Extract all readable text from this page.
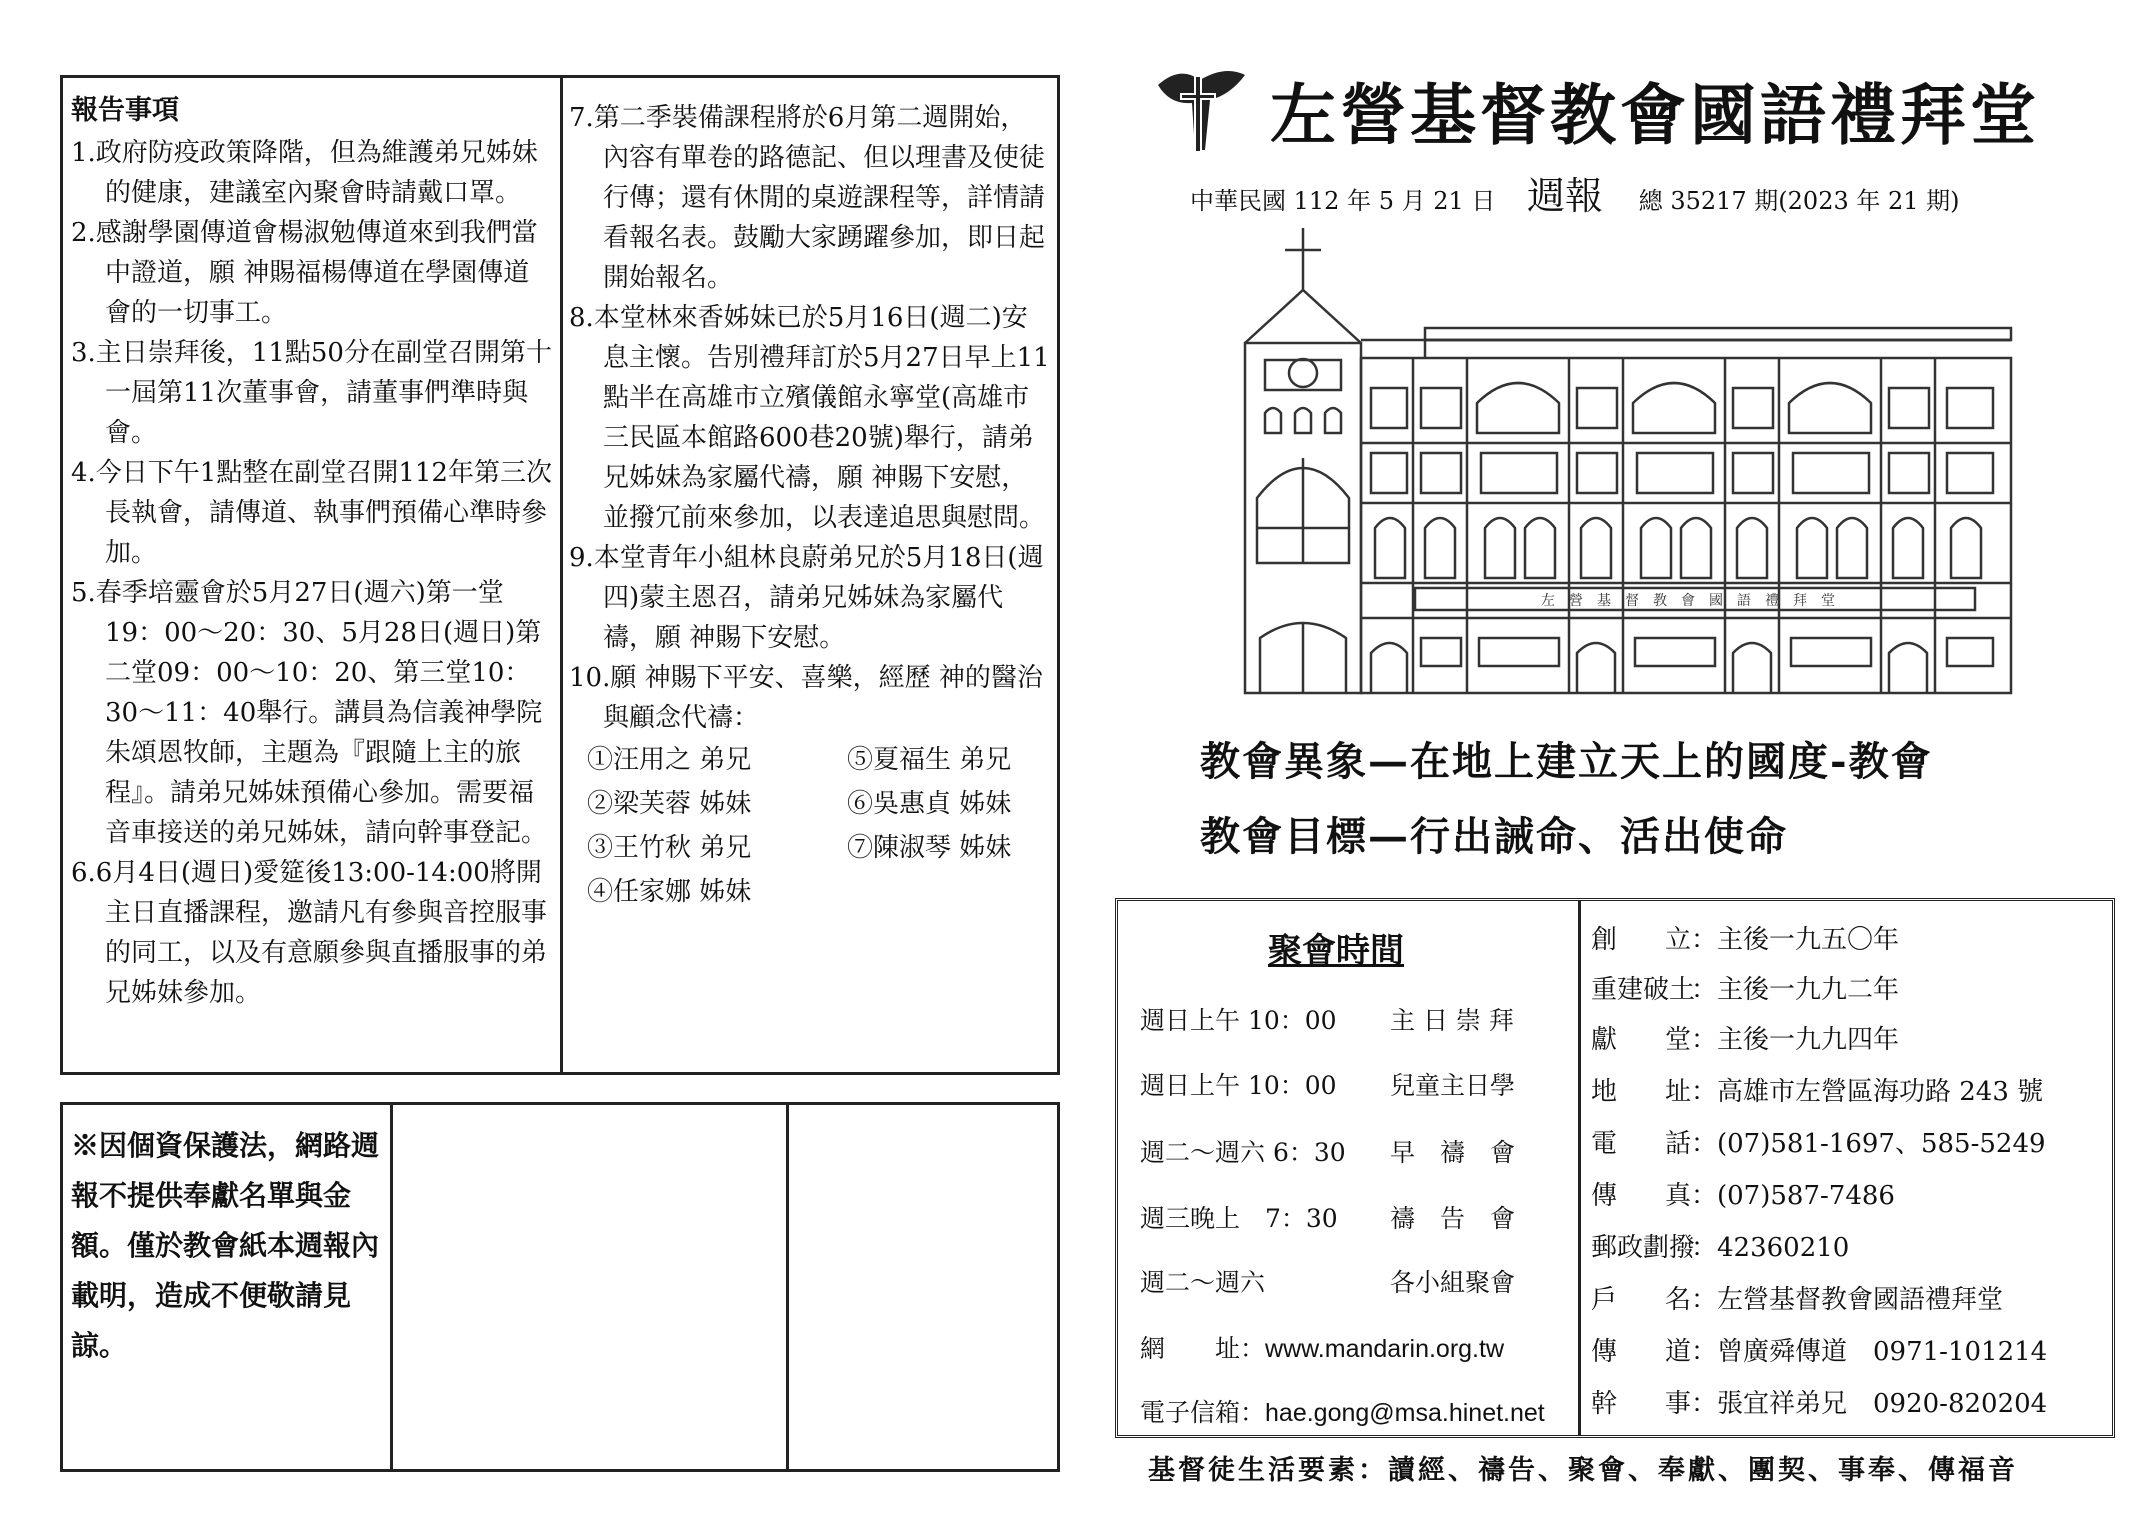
報告事項

1.政府防疫政策降階，但為維護弟兄姊妹的健康，建議室內聚會時請戴口罩。

2.感謝學園傳道會楊淑勉傳道來到我們當中證道，願 神賜福楊傳道在學園傳道會的一切事工。

3.主日崇拜後，11點50分在副堂召開第十一屆第11次董事會，請董事們準時與會。

4.今日下午1點整在副堂召開112年第三次長執會，請傳道、執事們預備心準時參加。

5.春季培靈會於5月27日(週六)第一堂19：00～20：30、5月28日(週日)第二堂09：00～10：20、第三堂10：30～11：40舉行。講員為信義神學院朱頌恩牧師，主題為『跟隨上主的旅程』。請弟兄姊妹預備心參加。需要福音車接送的弟兄姊妹，請向幹事登記。

6.6月4日(週日)愛筵後13:00-14:00將開主日直播課程，邀請凡有參與音控服事的同工，以及有意願參與直播服事的弟兄姊妹參加。

7.第二季裝備課程將於6月第二週開始，內容有單卷的路德記、但以理書及使徒行傳；還有休閒的桌遊課程等，詳情請看報名表。鼓勵大家踴躍參加，即日起開始報名。

8.本堂林來香姊妹已於5月16日(週二)安息主懷。告別禮拜訂於5月27日早上11點半在高雄市立殯儀館永寧堂(高雄市三民區本館路600巷20號)舉行，請弟兄姊妹為家屬代禱，願 神賜下安慰，並撥冗前來參加，以表達追思與慰問。

9.本堂青年小組林良蔚弟兄於5月18日(週四)蒙主恩召，請弟兄姊妹為家屬代禱，願 神賜下安慰。

10.願 神賜下平安、喜樂，經歷 神的醫治與顧念代禱：

①汪用之 弟兄	⑤夏福生 弟兄
②梁芙蓉 姊妹	⑥吳惠貞 姊妹
③王竹秋 弟兄	⑦陳淑琴 姊妹
④任家娜 姊妹
※因個資保護法，網路週報不提供奉獻名單與金額。僅於教會紙本週報內載明，造成不便敬請見諒。
左營基督教會國語禮拜堂
中華民國 112 年 5 月 21 日 週報 總 35217 期(2023 年 21 期)
左營基督教會國語禮拜堂
教會異象—在地上建立天上的國度-教會
教會目標—行出誡命、活出使命
聚會時間
週日上午 10：00 主 日 崇 拜
週日上午 10：00 兒童主日學
週二～週六 6：30 早　禱　會
週三晚上　7：30 禱　告　會
週二～週六	各小組聚會
網　　址：www.mandarin.org.tw
電子信箱：hae.gong@msa.hinet.net
創立：主後一九五〇年
重建破土：主後一九九二年
獻堂：主後一九九四年
地址：高雄市左營區海功路 243 號
電話：(07)581-1697、585-5249
傳真：(07)587-7486
郵政劃撥：42360210
戶名：左營基督教會國語禮拜堂
傳道：曾廣舜傳道　0971-101214
幹事：張宜祥弟兄　0920-820204
基督徒生活要素：讀經、禱告、聚會、奉獻、團契、事奉、傳福音
